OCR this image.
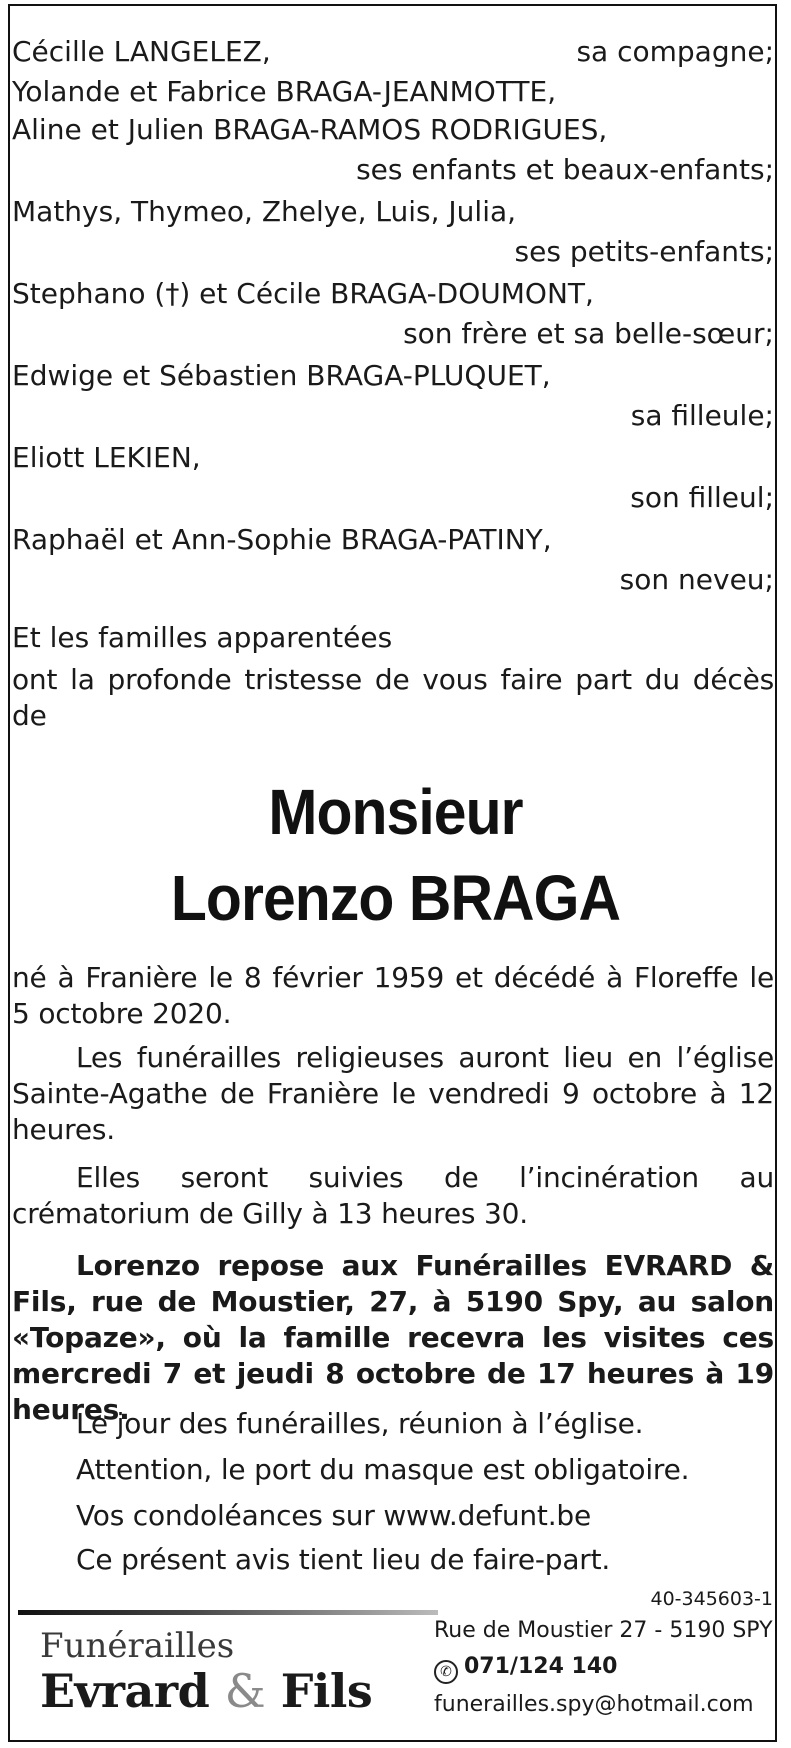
Cécille LANGELEZ,	sa compagne;
Yolande et Fabrice BRAGA-JEANMOTTE,
Aline et Julien BRAGA-RAMOS RODRIGUES,
ses enfants et beaux-enfants;
Mathys, Thymeo, Zhelye, Luis, Julia,
ses petits-enfants;
Stephano (†) et Cécile BRAGA-DOUMONT,
son frère et sa belle-sœur;
Edwige et Sébastien BRAGA-PLUQUET,
sa filleule;
Eliott LEKIEN,
son filleul;
Raphaël et Ann-Sophie BRAGA-PATINY,
son neveu;
Et les familles apparentées
ont la profonde tristesse de vous faire part du décès de
Monsieur
Lorenzo BRAGA
né à Franière le 8 février 1959 et décédé à Floreffe le 5 octobre 2020.
Les funérailles religieuses auront lieu en l’église Sainte-Agathe de Franière le vendredi 9 octobre à 12 heures.
Elles seront suivies de l’incinération au crématorium de Gilly à 13 heures 30.
Lorenzo repose aux Funérailles EVRARD & Fils, rue de Moustier, 27, à 5190 Spy, au salon «Topaze», où la famille recevra les visites ces mercredi 7 et jeudi 8 octobre de 17 heures à 19 heures.
Le jour des funérailles, réunion à l’église.
Attention, le port du masque est obligatoire.
Vos condoléances sur www.defunt.be
Ce présent avis tient lieu de faire-part.
40-345603-1
Funérailles
Evrard & Fils
Rue de Moustier 27 - 5190 SPY
✆ 071/124 140
funerailles.spy@hotmail.com
